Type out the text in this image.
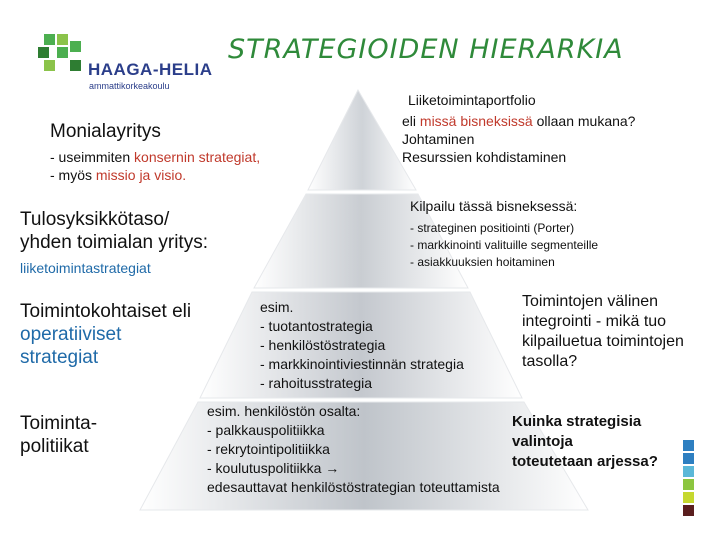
HAAGA-HELIA
ammattikorkeakoulu
STRATEGIOIDEN HIERARKIA
Monialayritys
- useimmiten konsernin strategiat,
- myös missio ja visio.
Liiketoimintaportfolio
eli missä bisneksissä ollaan mukana?
Johtaminen
Resurssien kohdistaminen
Tulosyksikkötaso/
yhden toimialan yritys:
liiketoimintastrategiat
Kilpailu tässä bisneksessä:
- strateginen positiointi (Porter)
- markkinointi valituille segmenteille
- asiakkuuksien hoitaminen
Toimintokohtaiset eli
operatiiviset
strategiat
esim.
- tuotantostrategia
- henkilöstöstrategia
- markkinointiviestinnän strategia
- rahoitusstrategia
Toimintojen välinen
integrointi - mikä tuo
kilpailuetua toimintojen
tasolla?
Toiminta-
politiikat
esim. henkilöstön osalta:
- palkkauspolitiikka
- rekrytointipolitiikka
- koulutuspolitiikka →
edesauttavat henkilöstöstrategian toteuttamista
Kuinka strategisia
valintoja
toteutetaan arjessa?
